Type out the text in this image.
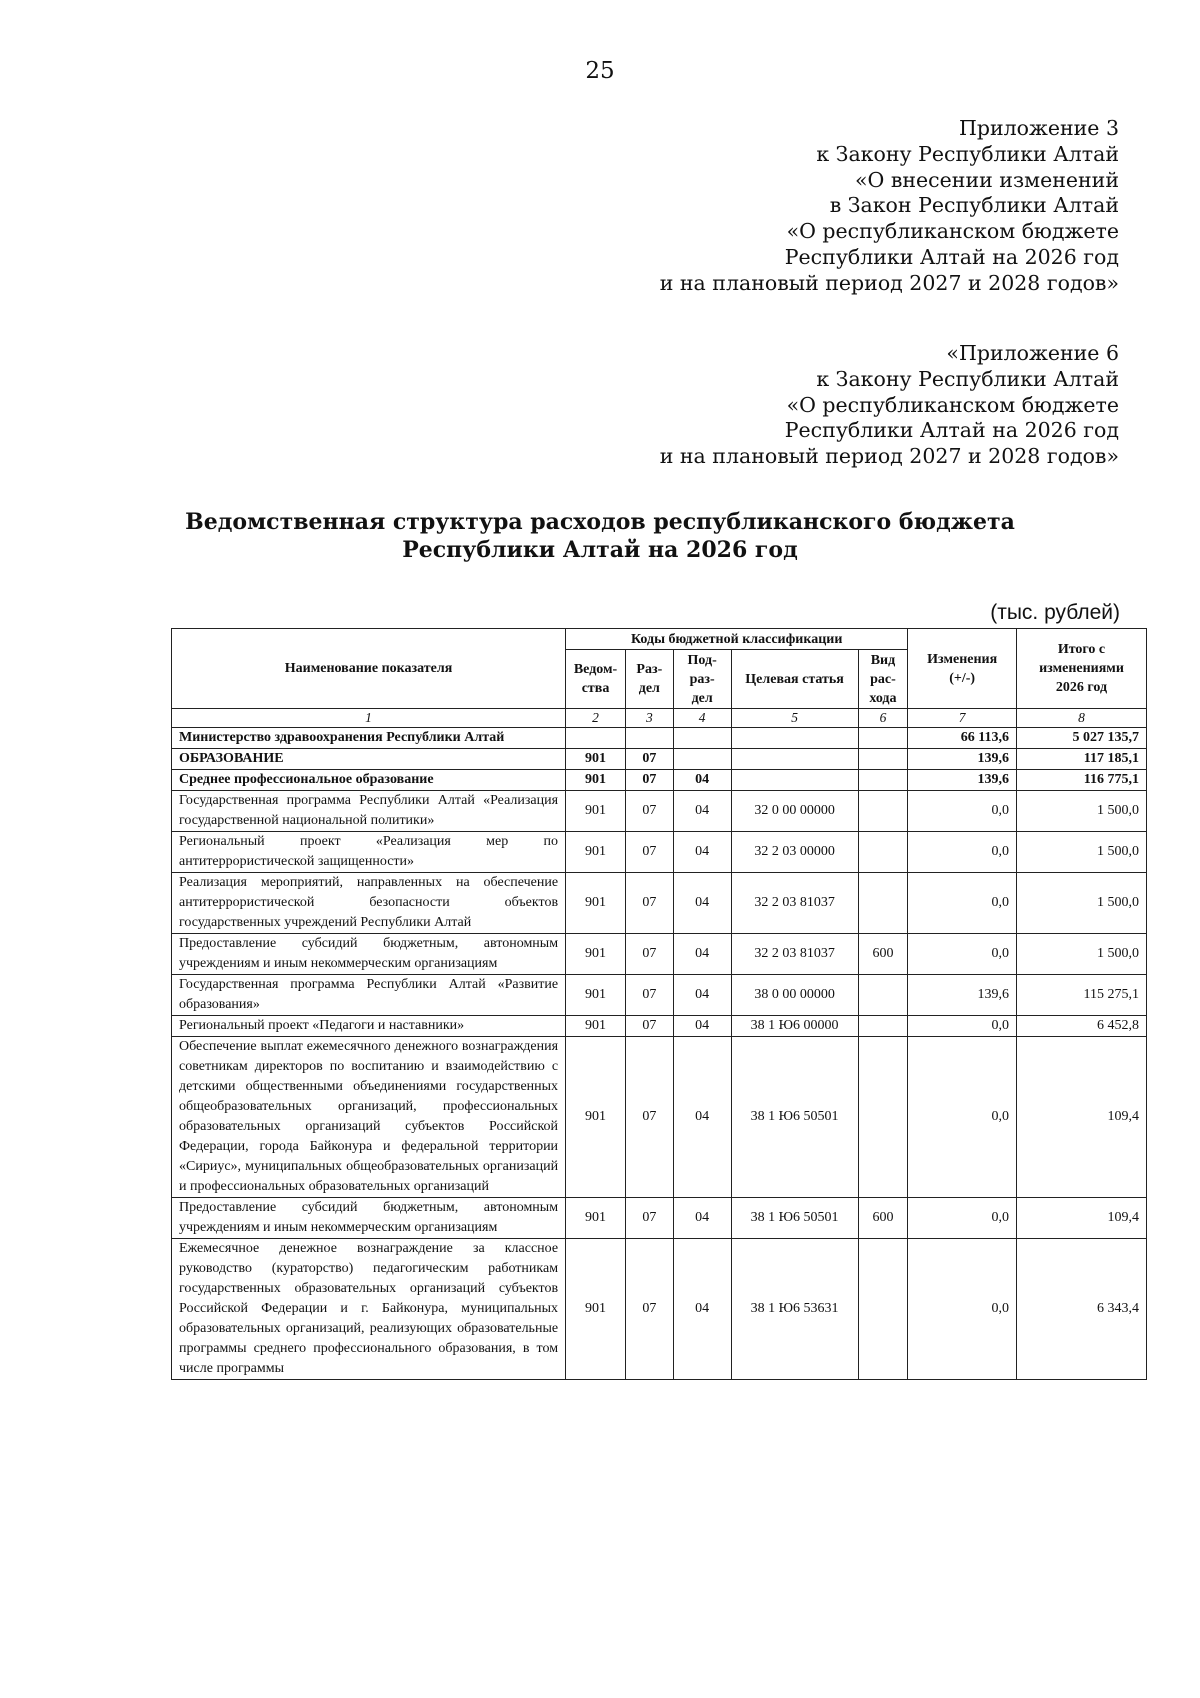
25
Приложение 3
к Закону Республики Алтай
«О внесении изменений
в Закон Республики Алтай
«О республиканском бюджете
Республики Алтай на 2026 год
и на плановый период 2027 и 2028 годов»
«Приложение 6
к Закону Республики Алтай
«О республиканском бюджете
Республики Алтай на 2026 год
и на плановый период 2027 и 2028 годов»
Ведомственная структура расходов республиканского бюджета
Республики Алтай на 2026 год
(тыс. рублей)
Наименование показателя	Коды бюджетной классификации					Изменения (+/-)	Итого с изменениями 2026 год
	Ведом-ства	Раз-дел	Под-раз-дел	Целевая статья	Вид рас-хода		
1	2	3	4	5	6	7	8
Министерство здравоохранения Республики Алтай						66 113,6	5 027 135,7
ОБРАЗОВАНИЕ	901	07				139,6	117 185,1
Среднее профессиональное образование	901	07	04			139,6	116 775,1
Государственная программа Республики Алтай «Реализация государственной национальной политики»	901	07	04	32 0 00 00000		0,0	1 500,0
Региональный проект «Реализация мер по антитеррористической защищенности»	901	07	04	32 2 03 00000		0,0	1 500,0
Реализация мероприятий, направленных на обеспечение антитеррористической безопасности объектов государственных учреждений Республики Алтай	901	07	04	32 2 03 81037		0,0	1 500,0
Предоставление субсидий бюджетным, автономным учреждениям и иным некоммерческим организациям	901	07	04	32 2 03 81037	600	0,0	1 500,0
Государственная программа Республики Алтай «Развитие образования»	901	07	04	38 0 00 00000		139,6	115 275,1
Региональный проект «Педагоги и наставники»	901	07	04	38 1 Ю6 00000		0,0	6 452,8
Обеспечение выплат ежемесячного денежного вознаграждения советникам директоров по воспитанию и взаимодействию с детскими общественными объединениями государственных общеобразовательных организаций, профессиональных образовательных организаций субъектов Российской Федерации, города Байконура и федеральной территории «Сириус», муниципальных общеобразовательных организаций и профессиональных образовательных организаций	901	07	04	38 1 Ю6 50501		0,0	109,4
Предоставление субсидий бюджетным, автономным учреждениям и иным некоммерческим организациям	901	07	04	38 1 Ю6 50501	600	0,0	109,4
Ежемесячное денежное вознаграждение за классное руководство (кураторство) педагогическим работникам государственных образовательных организаций субъектов Российской Федерации и г. Байконура, муниципальных образовательных организаций, реализующих образовательные программы среднего профессионального образования, в том числе программы	901	07	04	38 1 Ю6 53631		0,0	6 343,4
